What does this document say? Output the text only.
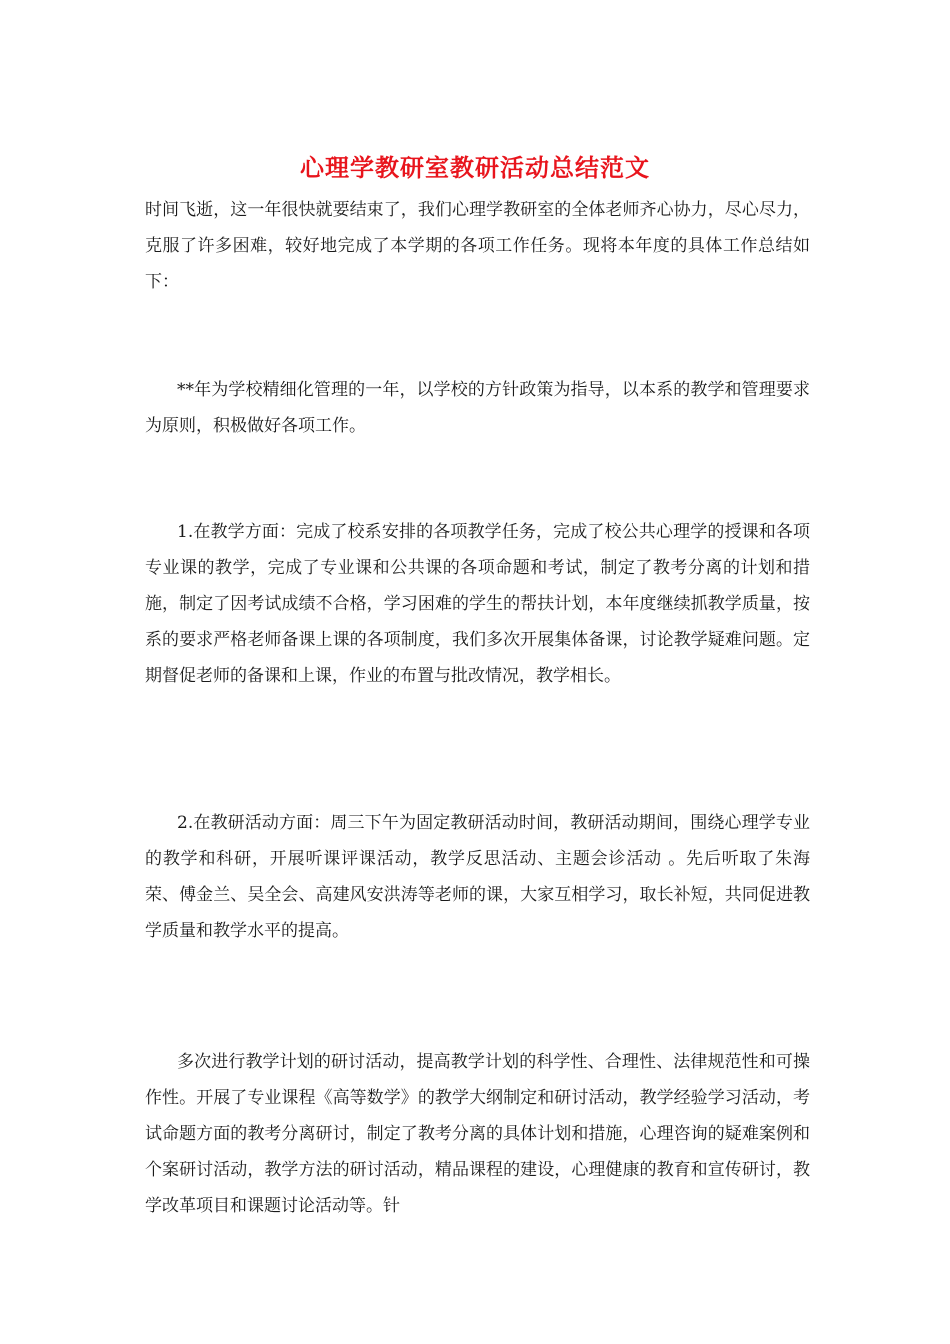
心理学教研室教研活动总结范文

时间飞逝，这一年很快就要结束了，我们心理学教研室的全体老师齐心协力，尽心尽力，克服了许多困难，较好地完成了本学期的各项工作任务。现将本年度的具体工作总结如下：

**年为学校精细化管理的一年，以学校的方针政策为指导，以本系的教学和管理要求为原则，积极做好各项工作。

1.在教学方面：完成了校系安排的各项教学任务，完成了校公共心理学的授课和各项专业课的教学，完成了专业课和公共课的各项命题和考试，制定了教考分离的计划和措施，制定了因考试成绩不合格，学习困难的学生的帮扶计划，本年度继续抓教学质量，按系的要求严格老师备课上课的各项制度，我们多次开展集体备课，讨论教学疑难问题。定期督促老师的备课和上课，作业的布置与批改情况，教学相长。

2.在教研活动方面：周三下午为固定教研活动时间，教研活动期间，围绕心理学专业的教学和科研，开展听课评课活动，教学反思活动、主题会诊活动 。先后听取了朱海荣、傅金兰、吴全会、高建风安洪涛等老师的课，大家互相学习，取长补短，共同促进教学质量和教学水平的提高。

多次进行教学计划的研讨活动，提高教学计划的科学性、合理性、法律规范性和可操作性。开展了专业课程《高等数学》的教学大纲制定和研讨活动，教学经验学习活动，考试命题方面的教考分离研讨，制定了教考分离的具体计划和措施，心理咨询的疑难案例和个案研讨活动，教学方法的研讨活动，精品课程的建设，心理健康的教育和宣传研讨，教学改革项目和课题讨论活动等。针
